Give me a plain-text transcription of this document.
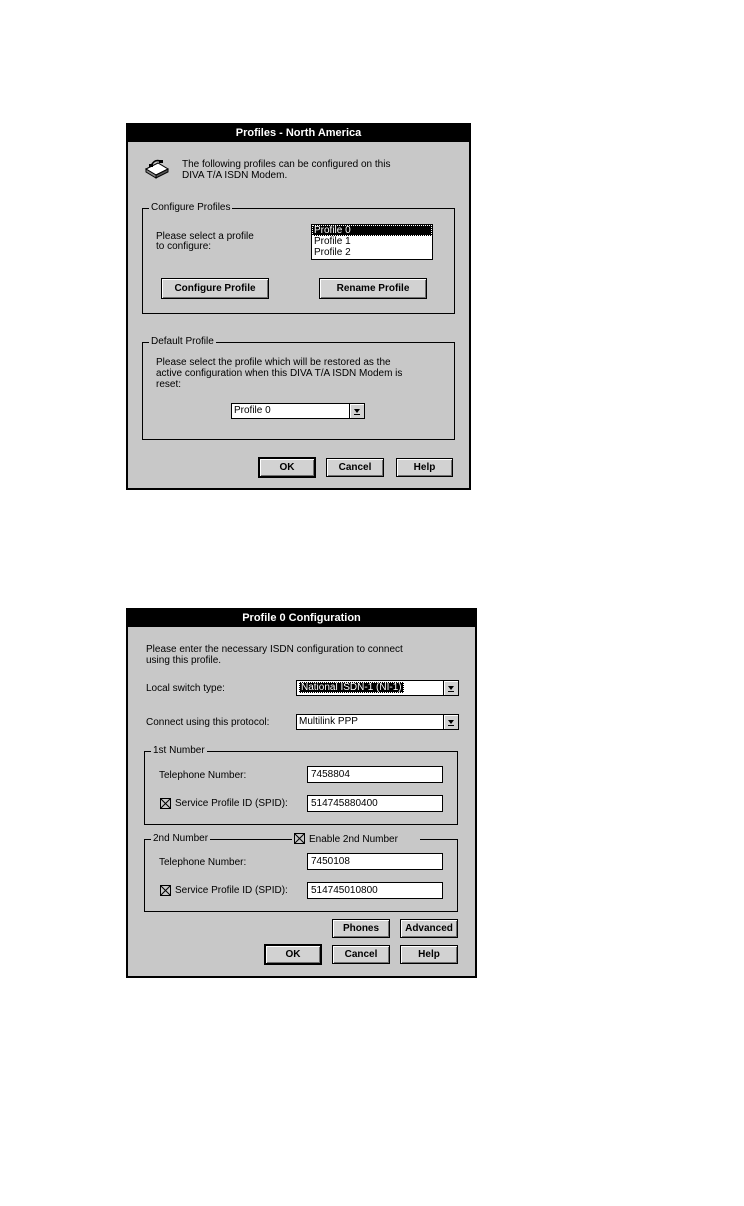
Profiles - North America
The following profiles can be configured on this
DIVA T/A ISDN Modem.
Configure Profiles
Please select a profile
to configure:
Profile 0
Profile 1
Profile 2
Configure Profile	Rename Profile
Default Profile
Please select the profile which will be restored as the
active configuration when this DIVA T/A ISDN Modem is
reset:
Profile 0
OK	Cancel	Help
Profile 0 Configuration
Please enter the necessary ISDN configuration to connect
using this profile.
Local switch type:	National ISDN-1 (NI-1)
Connect using this protocol:	Multilink PPP
1st Number
Telephone Number:	7458804
Service Profile ID (SPID):	514745880400
2nd Number	Enable 2nd Number
Telephone Number:	7450108
Service Profile ID (SPID):	514745010800
Phones	Advanced
OK	Cancel	Help
